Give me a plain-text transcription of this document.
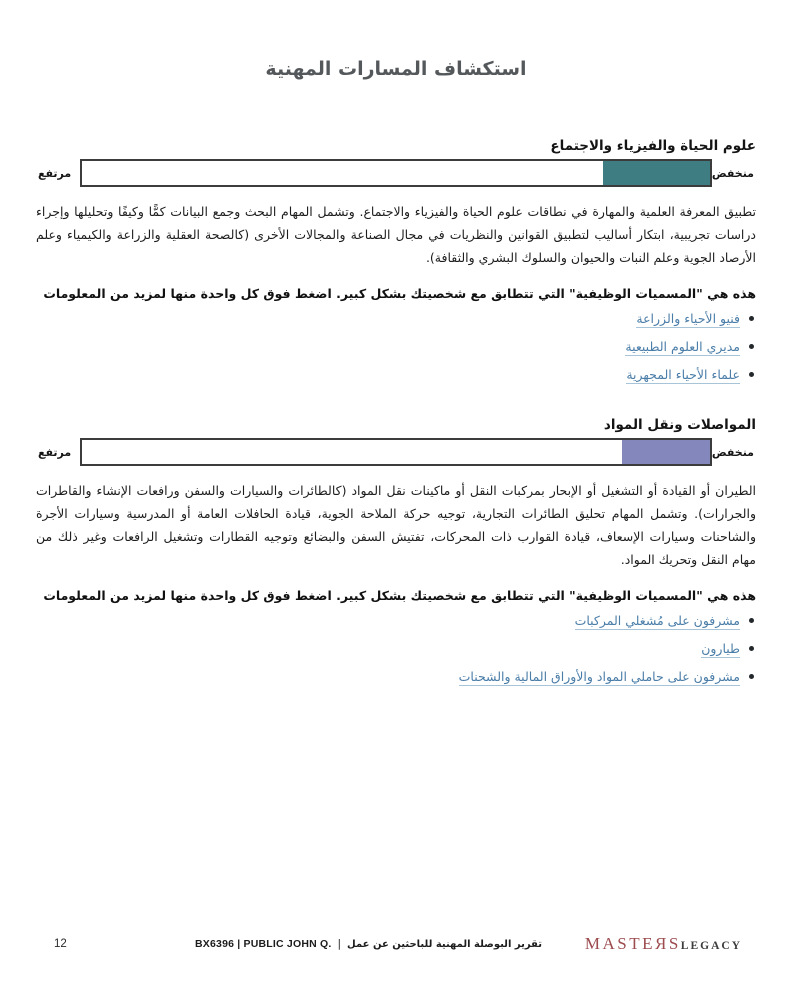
استكشاف المسارات المهنية
علوم الحياة والفيزياء والاجتماع
منخفض
مرتفع

تطبيق المعرفة العلمية والمهارة في نطاقات علوم الحياة والفيزياء والاجتماع. وتشمل المهام البحث وجمع البيانات كمًّا وكيفًا وتحليلها وإجراء دراسات تجريبية، ابتكار أساليب لتطبيق القوانين والنظريات في مجال الصناعة والمجالات الأخرى (كالصحة العقلية والزراعة والكيمياء وعلم الأرصاد الجوية وعلم النبات والحيوان والسلوك البشري والثقافة).

هذه هي "المسميات الوظيفية" التي تتطابق مع شخصيتك بشكل كبير. اضغط فوق كل واحدة منها لمزيد من المعلومات

فنيو الأحياء والزراعة
مديري العلوم الطبيعية
علماء الأحياء المجهرية
المواصلات ونقل المواد
منخفض
مرتفع

الطيران أو القيادة أو التشغيل أو الإبحار بمركبات النقل أو ماكينات نقل المواد (كالطائرات والسيارات والسفن ورافعات الإنشاء والقاطرات والجرارات). وتشمل المهام تحليق الطائرات التجارية، توجيه حركة الملاحة الجوية، قيادة الحافلات العامة أو المدرسية وسيارات الأجرة والشاحنات وسيارات الإسعاف، قيادة القوارب ذات المحركات، تفتيش السفن والبضائع وتوجيه القطارات وتشغيل الرافعات وغير ذلك من مهام النقل وتحريك المواد.

هذه هي "المسميات الوظيفية" التي تتطابق مع شخصيتك بشكل كبير. اضغط فوق كل واحدة منها لمزيد من المعلومات

مشرفون على مُشغلي المركبات
طيارون
مشرفون على حاملي المواد والأوراق المالية والشحنات
12	تقرير البوصلة المهنية للباحثين عن عمل
|
BX6396 | PUBLIC JOHN Q.	MASTEЯSLEGACY
